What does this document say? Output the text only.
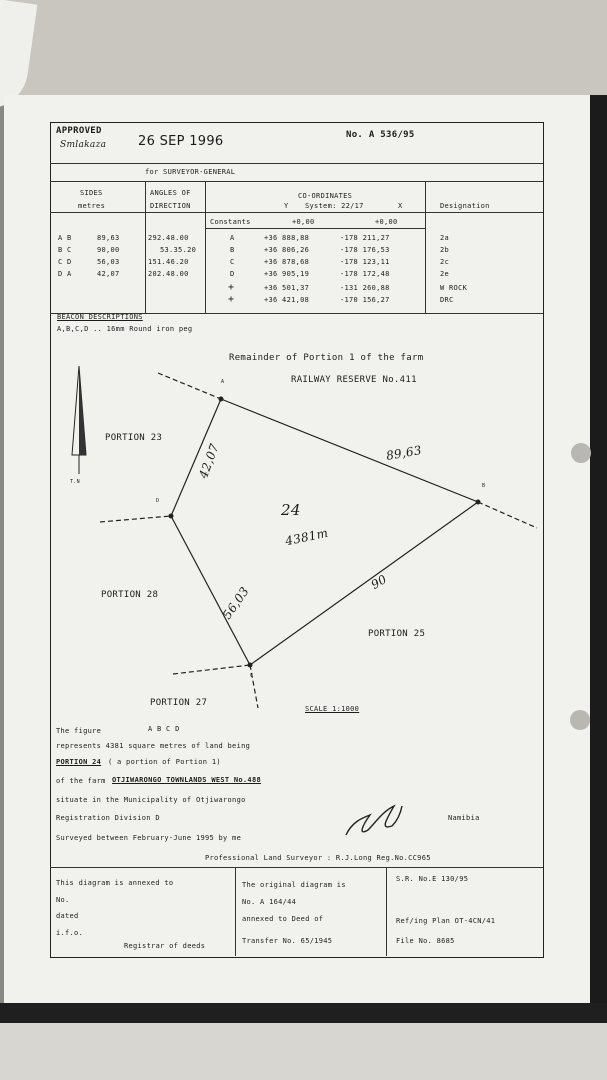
APPROVED
Smlakaza 26 SEP 1996	No. A 536/95
for SURVEYOR-GENERAL
SIDES
metres
ANGLES OF
DIRECTION
CO-ORDINATES
Y System: 22/17	X	Designation
Constants	+0,00	+0,00
A B	89,63	292.48.00	A	+36 888,88	-178 211,27	2a
B C	90,00	53.35.20	B	+36 806,26	-178 176,53	2b
C D	56,03	151.46.20	C	+36 878,68	-178 123,11	2c
D A	42,07	202.48.00	D	+36 905,19	-178 172,48	2e
+	+36 501,37	-131 260,88	W ROCK
+	+36 421,08	-170 156,27	DRC
BEACON DESCRIPTIONS
A,B,C,D .. 16mm Round iron peg
Remainder of Portion 1 of the farm
RAILWAY RESERVE No.411
T.N
PORTION 23
PORTION 28
PORTION 25
PORTION 27
A
B
C
D
89,63
90
56,03
42,07
24
4381m
SCALE 1:1000
The figure	A B C D
represents 4381 square metres of land being
PORTION 24 ( a portion of Portion 1)
of the farm OTJIWARONGO TOWNLANDS WEST No.488
situate in the Municipality of Otjiwarongo
Registration Division D	Namibia
Surveyed between February-June 1995 by me
Professional Land Surveyor : R.J.Long Reg.No.CC965
This diagram is annexed to
No.
dated
i.f.o.
Registrar of deeds
The original diagram is
No. A 164/44
annexed to Deed of
Transfer No. 65/1945
S.R. No.E 130/95
Ref/ing Plan OT-4CN/41
File No. 8685
